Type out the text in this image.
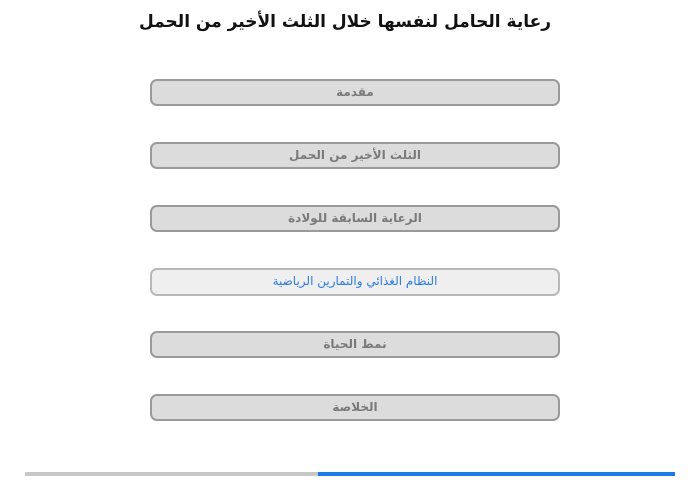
رعاية الحامل لنفسها خلال الثلث الأخير من الحمل
مقدمة
الثلث الأخير من الحمل
الرعاية السابقة للولادة
النظام الغذائي والتمارين الرياضية
نمط الحياة
الخلاصة
